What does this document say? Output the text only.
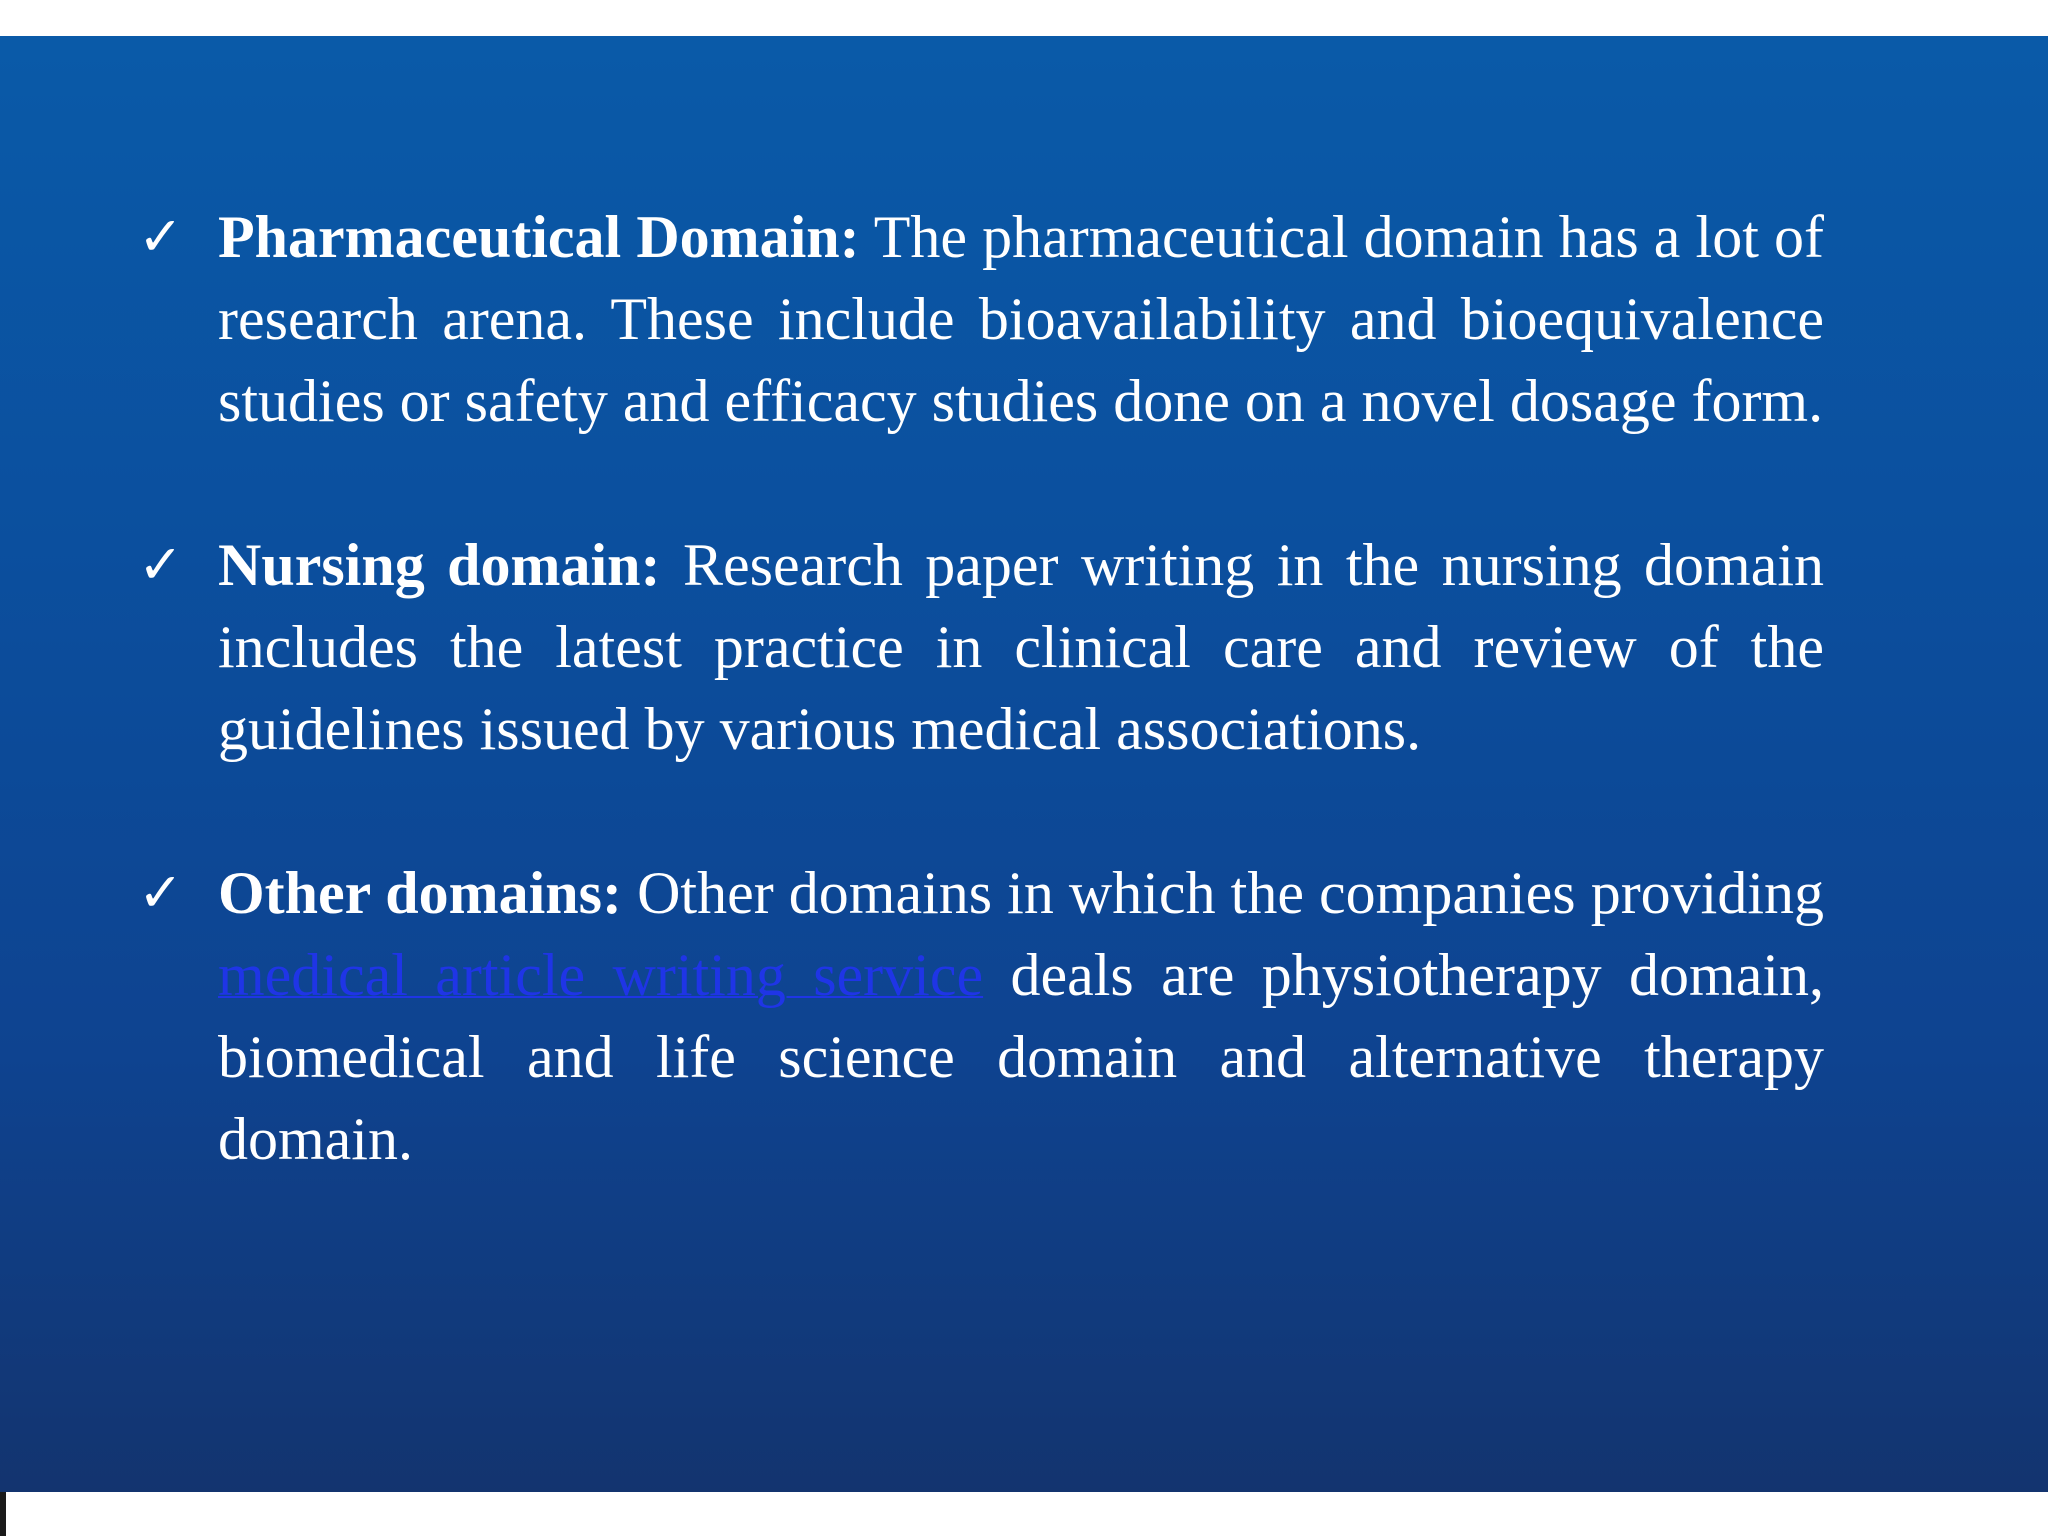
✓ Pharmaceutical Domain: The pharmaceutical domain has a lot of research arena. These include bioavailability and bioequivalence studies or safety and efficacy studies done on a novel dosage form.
✓ Nursing domain: Research paper writing in the nursing domain includes the latest practice in clinical care and review of the guidelines issued by various medical associations.
✓ Other domains: Other domains in which the companies providing medical article writing service deals are physiotherapy domain, biomedical and life science domain and alternative therapy domain.
